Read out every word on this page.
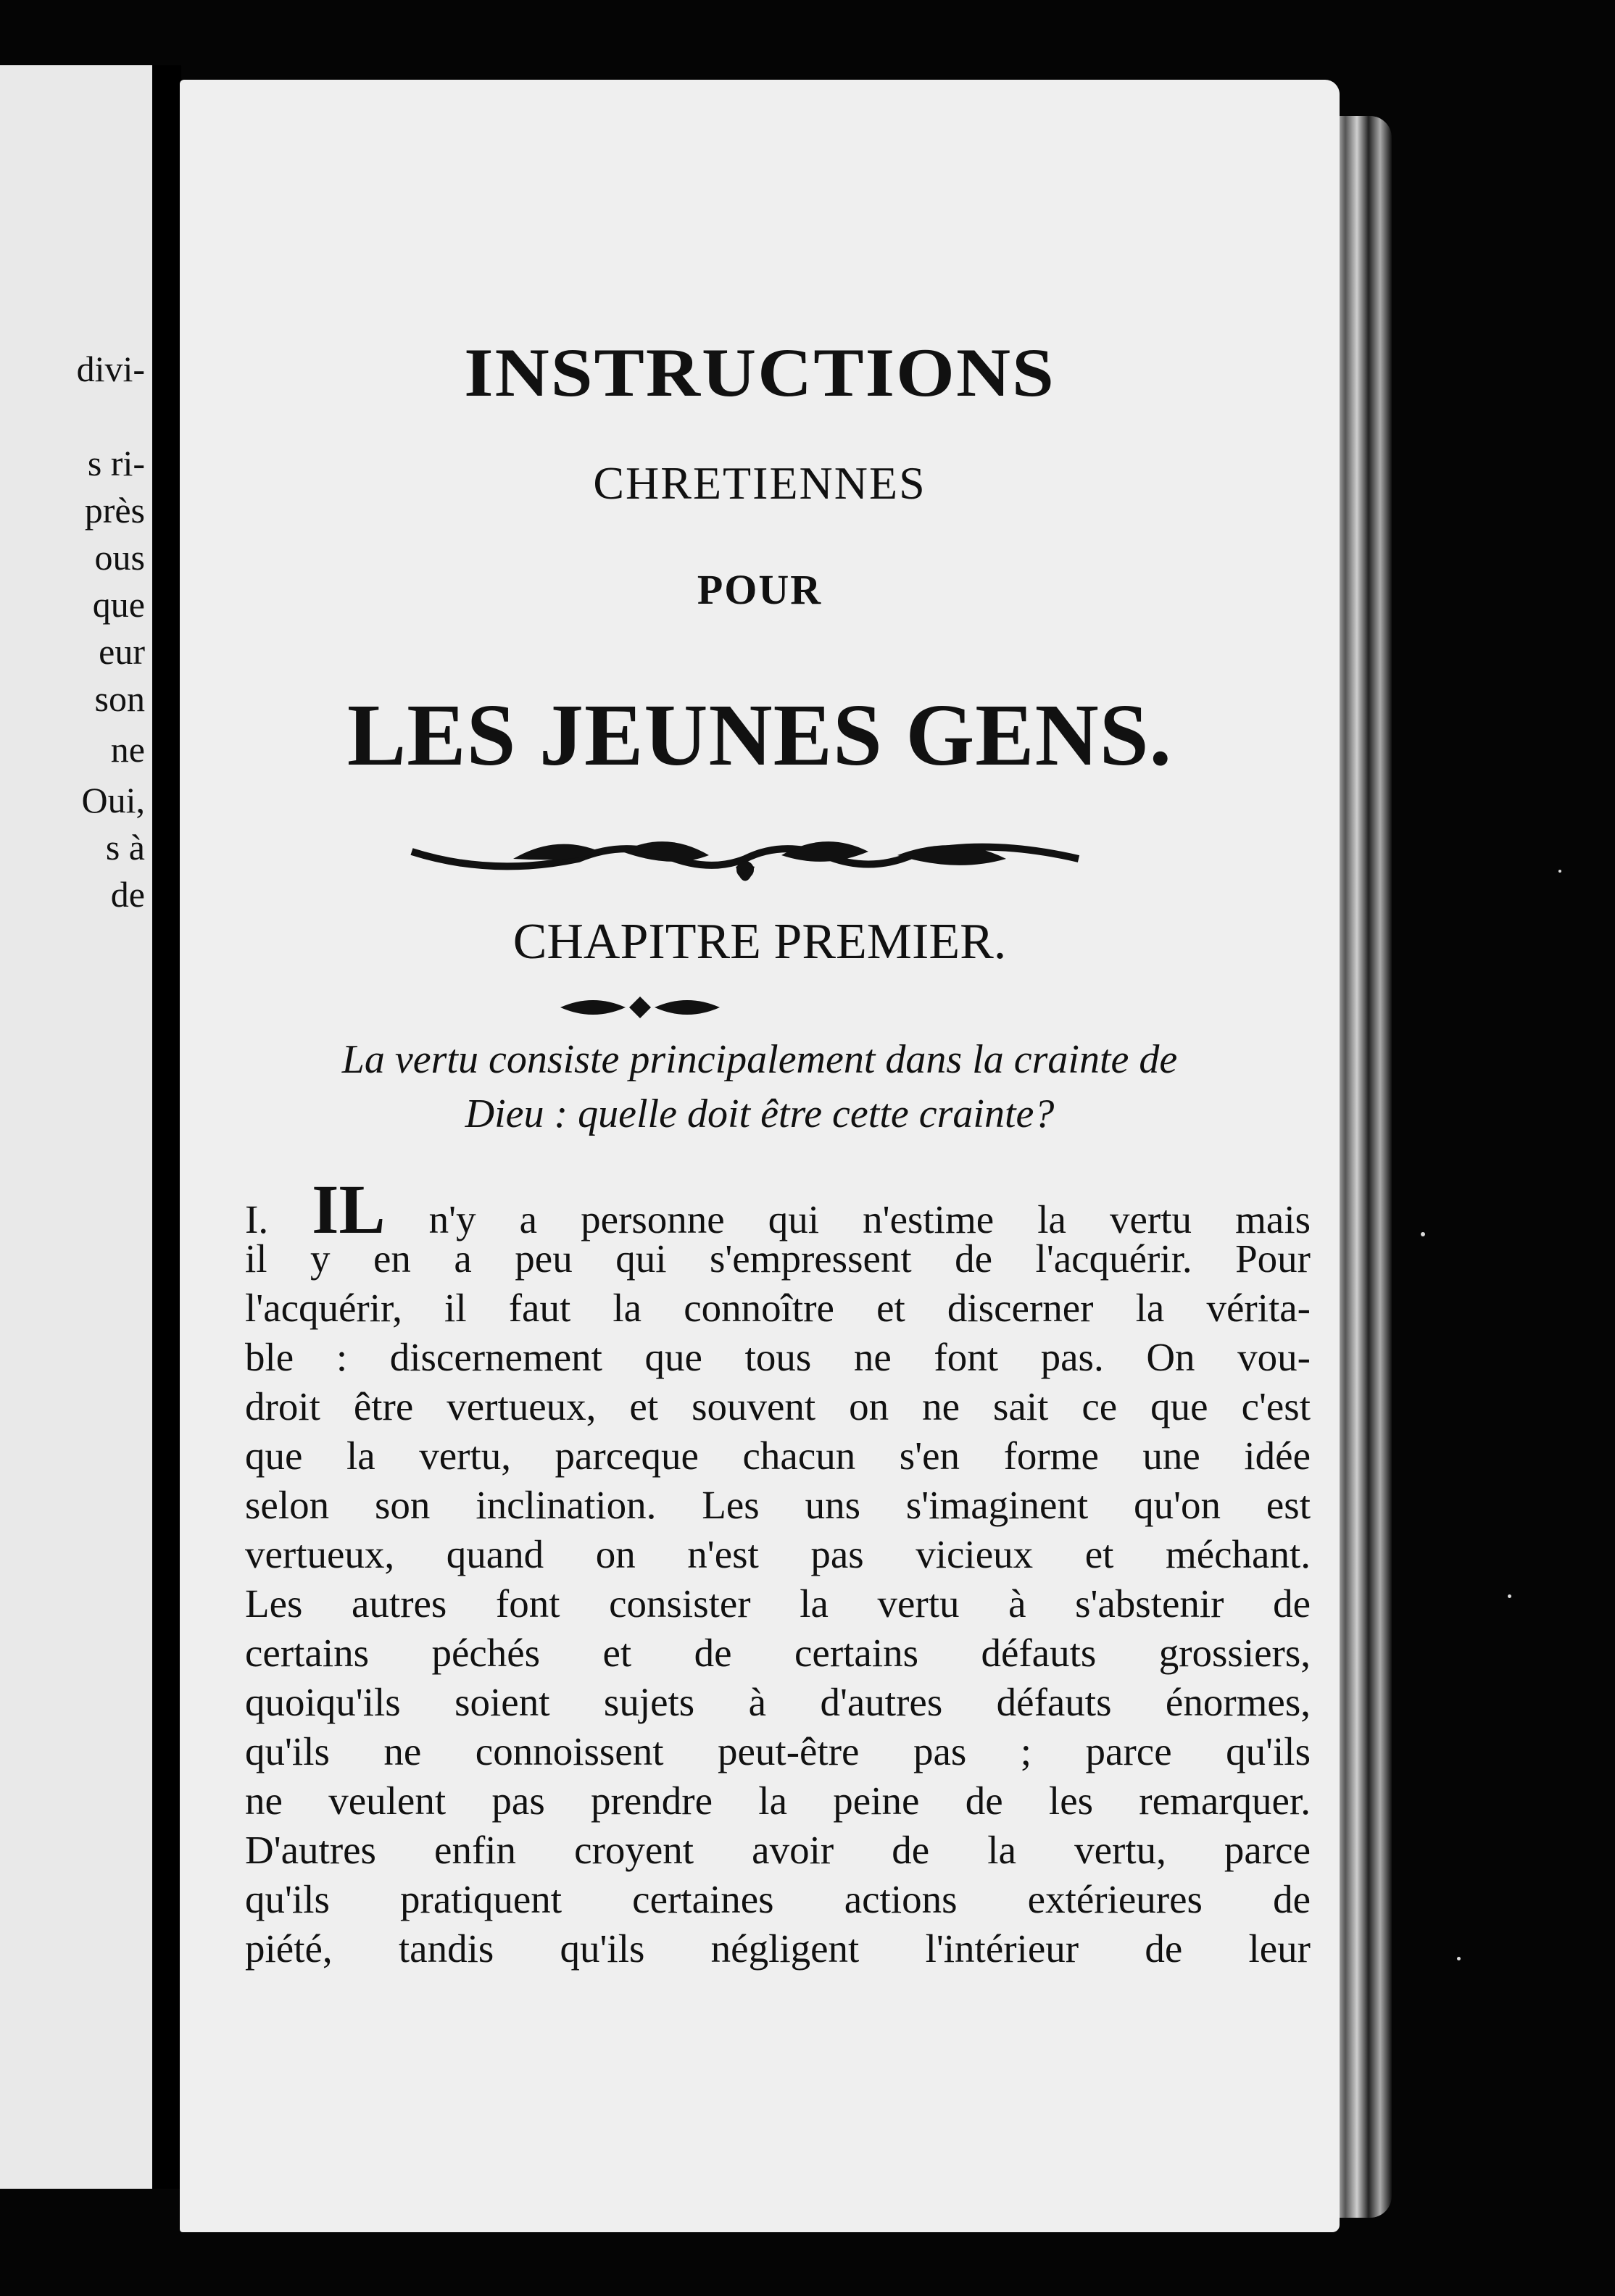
divi-
s ri-
près
ous
que
eur
son
ne
Oui,
s à
de
INSTRUCTIONS
CHRETIENNES
POUR
LES JEUNES GENS.
CHAPITRE PREMIER.
La vertu consiste principalement dans la crainte de
Dieu : quelle doit être cette crainte?
I. IL n'y a personne qui n'estime la vertu mais
il y en a peu qui s'empressent de l'acquérir. Pour
l'acquérir, il faut la connoître et discerner la vérita-
ble : discernement que tous ne font pas. On vou-
droit être vertueux, et souvent on ne sait ce que c'est
que la vertu, parceque chacun s'en forme une idée
selon son inclination. Les uns s'imaginent qu'on est
vertueux, quand on n'est pas vicieux et méchant.
Les autres font consister la vertu à s'abstenir de
certains péchés et de certains défauts grossiers,
quoiqu'ils soient sujets à d'autres défauts énormes,
qu'ils ne connoissent peut-être pas ; parce qu'ils
ne veulent pas prendre la peine de les remarquer.
D'autres enfin croyent avoir de la vertu, parce
qu'ils pratiquent certaines actions extérieures de
piété, tandis qu'ils négligent l'intérieur de leur
